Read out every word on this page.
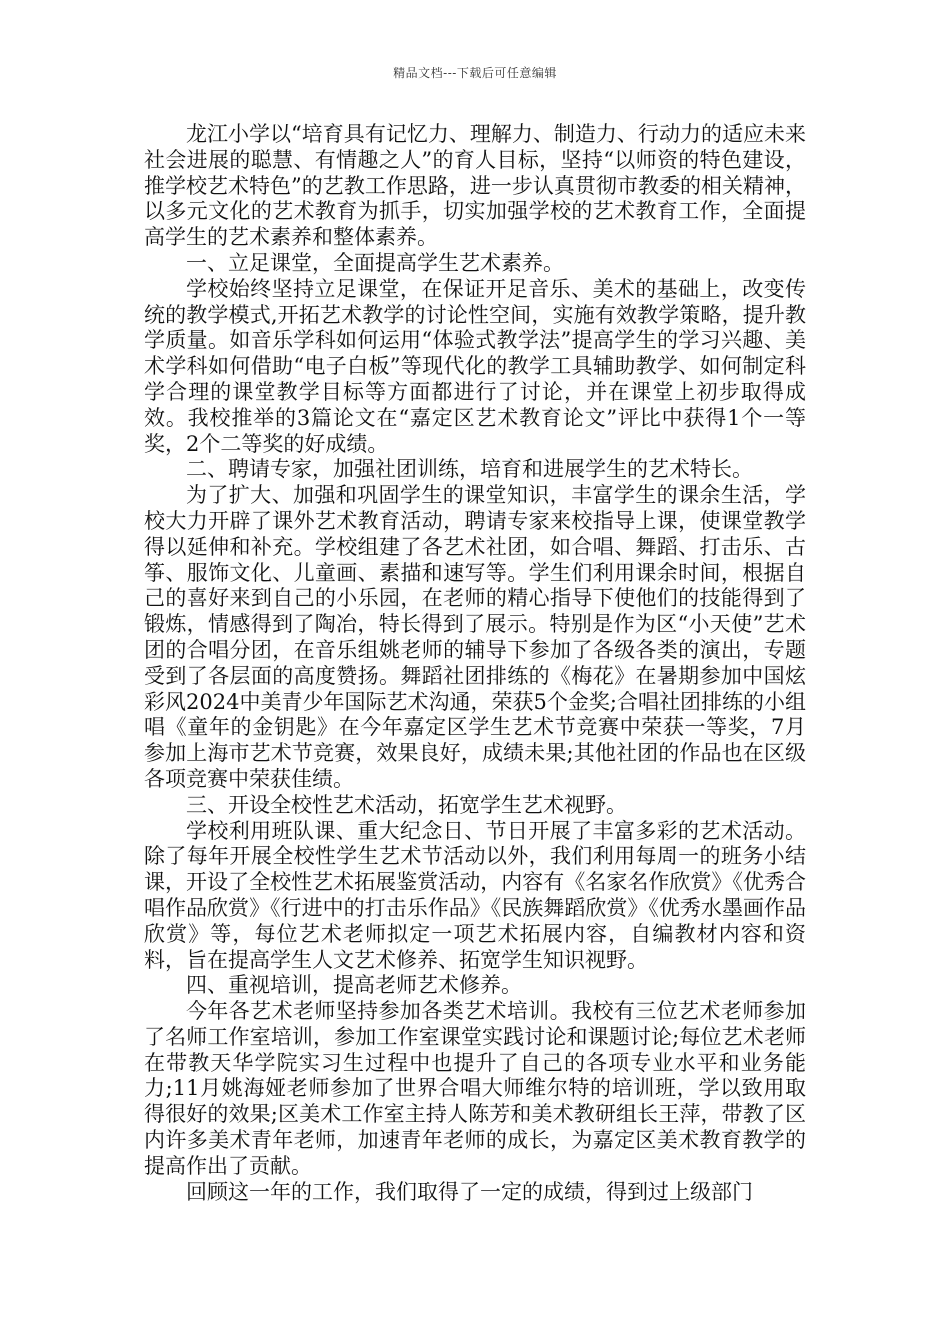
精品文档---下载后可任意编辑

龙江小学以“培育具有记忆力、理解力、制造力、行动力的适应未来社会进展的聪慧、有情趣之人”的育人目标，坚持“以师资的特色建设，推学校艺术特色”的艺教工作思路，进一步认真贯彻市教委的相关精神，以多元文化的艺术教育为抓手，切实加强学校的艺术教育工作，全面提高学生的艺术素养和整体素养。

一、立足课堂，全面提高学生艺术素养。

学校始终坚持立足课堂，在保证开足音乐、美术的基础上，改变传统的教学模式,开拓艺术教学的讨论性空间，实施有效教学策略，提升教学质量。如音乐学科如何运用“体验式教学法”提高学生的学习兴趣、美术学科如何借助“电子白板”等现代化的教学工具辅助教学、如何制定科学合理的课堂教学目标等方面都进行了讨论，并在课堂上初步取得成效。我校推举的3篇论文在“嘉定区艺术教育论文”评比中获得1个一等奖，2个二等奖的好成绩。

二、聘请专家，加强社团训练，培育和进展学生的艺术特长。

为了扩大、加强和巩固学生的课堂知识，丰富学生的课余生活，学校大力开辟了课外艺术教育活动，聘请专家来校指导上课，使课堂教学得以延伸和补充。学校组建了各艺术社团，如合唱、舞蹈、打击乐、古筝、服饰文化、儿童画、素描和速写等。学生们利用课余时间，根据自己的喜好来到自己的小乐园，在老师的精心指导下使他们的技能得到了锻炼，情感得到了陶冶，特长得到了展示。特别是作为区“小天使”艺术团的合唱分团，在音乐组姚老师的辅导下参加了各级各类的演出，专题受到了各层面的高度赞扬。舞蹈社团排练的《梅花》在暑期参加中国炫彩风2024中美青少年国际艺术沟通，荣获5个金奖;合唱社团排练的小组唱《童年的金钥匙》在今年嘉定区学生艺术节竞赛中荣获一等奖，7月参加上海市艺术节竞赛，效果良好，成绩未果;其他社团的作品也在区级各项竞赛中荣获佳绩。

三、开设全校性艺术活动，拓宽学生艺术视野。

学校利用班队课、重大纪念日、节日开展了丰富多彩的艺术活动。除了每年开展全校性学生艺术节活动以外，我们利用每周一的班务小结课，开设了全校性艺术拓展鉴赏活动，内容有《名家名作欣赏》《优秀合唱作品欣赏》《行进中的打击乐作品》《民族舞蹈欣赏》《优秀水墨画作品欣赏》等，每位艺术老师拟定一项艺术拓展内容，自编教材内容和资料，旨在提高学生人文艺术修养、拓宽学生知识视野。

四、重视培训，提高老师艺术修养。

今年各艺术老师坚持参加各类艺术培训。我校有三位艺术老师参加了名师工作室培训，参加工作室课堂实践讨论和课题讨论;每位艺术老师在带教天华学院实习生过程中也提升了自己的各项专业水平和业务能力;11月姚海娅老师参加了世界合唱大师维尔特的培训班，学以致用取得很好的效果;区美术工作室主持人陈芳和美术教研组长王萍，带教了区内许多美术青年老师，加速青年老师的成长，为嘉定区美术教育教学的提高作出了贡献。

回顾这一年的工作，我们取得了一定的成绩，得到过上级部门
